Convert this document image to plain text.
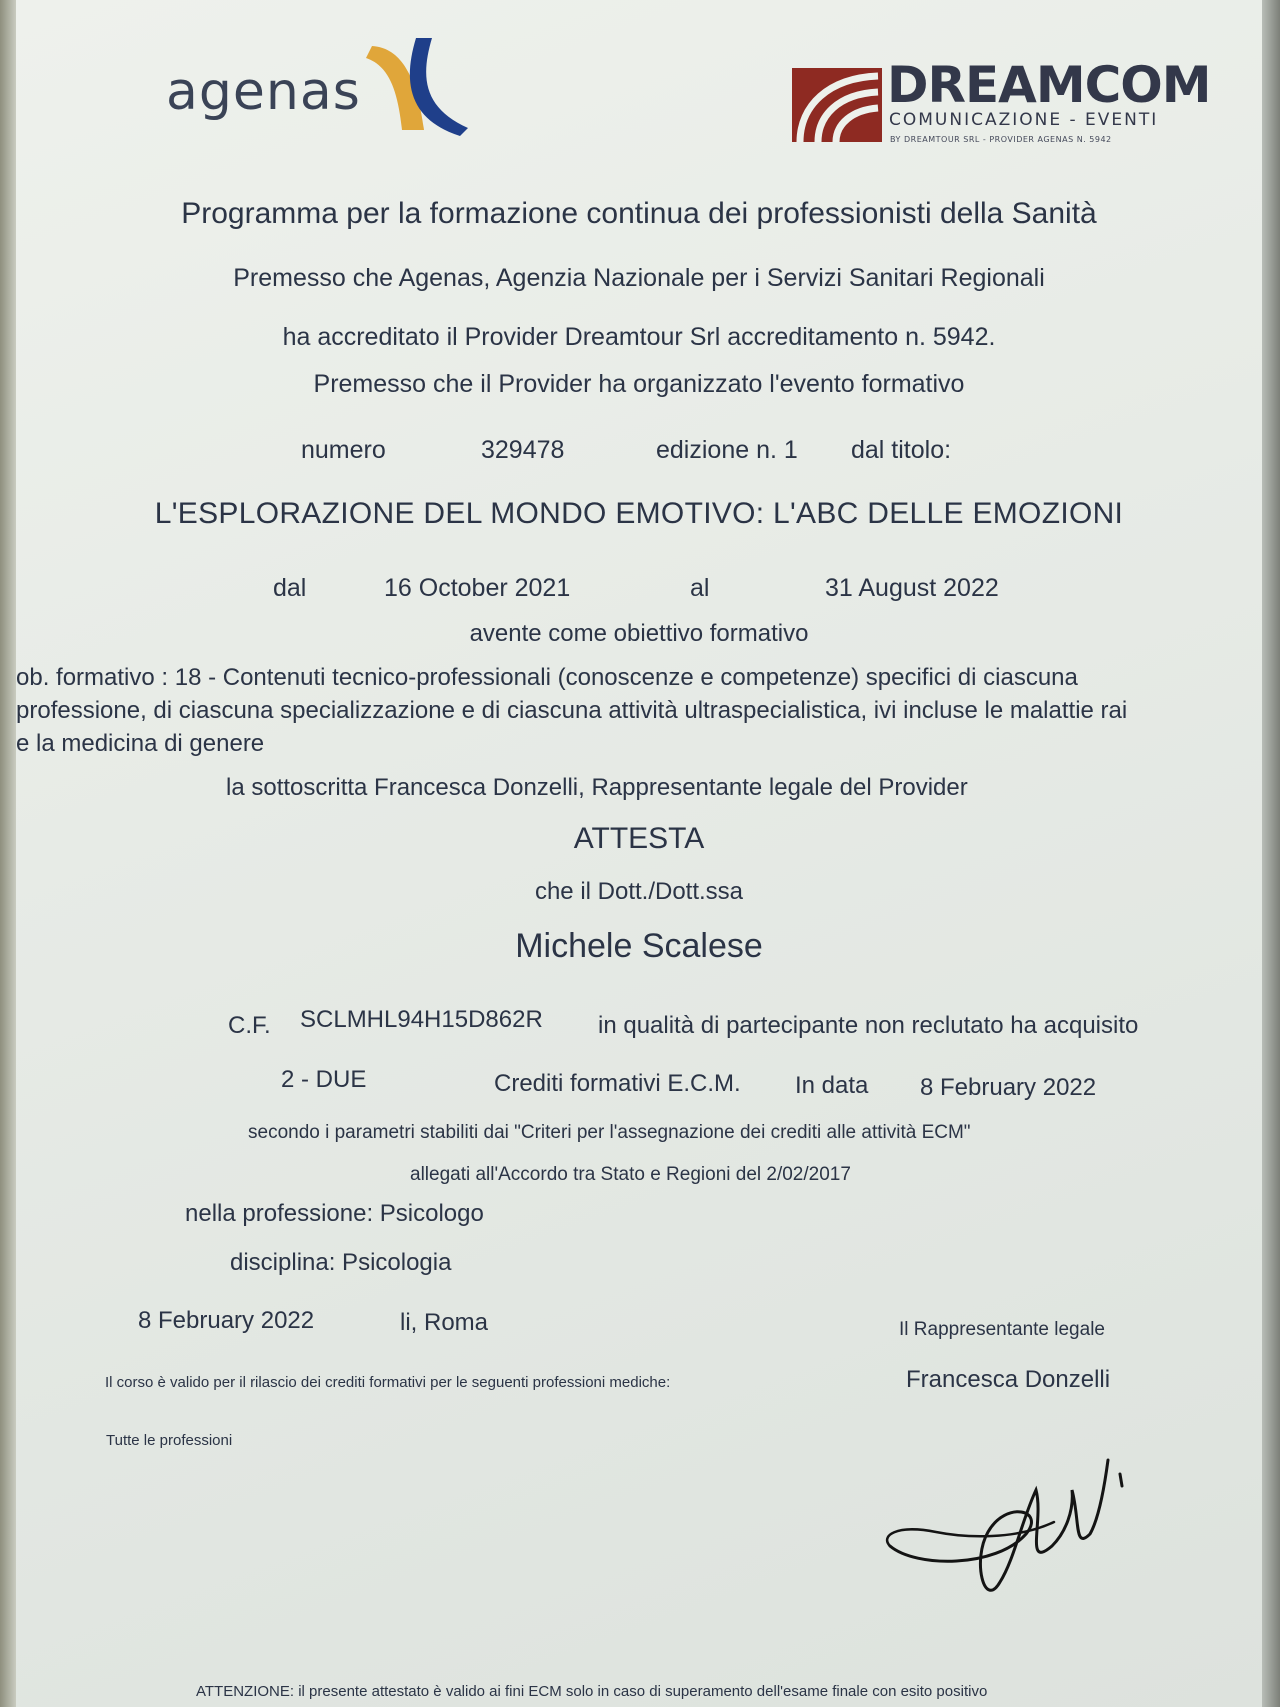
agenas	DREAMCOM
COMUNICAZIONE - EVENTI
BY DREAMTOUR SRL - PROVIDER AGENAS N. 5942
Programma per la formazione continua dei professionisti della Sanità
Premesso che Agenas, Agenzia Nazionale per i Servizi Sanitari Regionali
ha accreditato il Provider Dreamtour Srl accreditamento n. 5942.
Premesso che il Provider ha organizzato l'evento formativo
numero	329478	edizione n. 1 dal titolo:
L'ESPLORAZIONE DEL MONDO EMOTIVO: L'ABC DELLE EMOZIONI
dal	16 October 2021	al	31 August 2022
avente come obiettivo formativo
ob. formativo : 18 - Contenuti tecnico-professionali (conoscenze e competenze) specifici di ciascuna
professione, di ciascuna specializzazione e di ciascuna attività ultraspecialistica, ivi incluse le malattie rai
e la medicina di genere
la sottoscritta Francesca Donzelli, Rappresentante legale del Provider
ATTESTA
che il Dott./Dott.ssa
Michele Scalese
C.F. SCLMHL94H15D862R in qualità di partecipante non reclutato ha acquisito
2 - DUE	Crediti formativi E.C.M. In data 8 February 2022
secondo i parametri stabiliti dai "Criteri per l'assegnazione dei crediti alle attività ECM"
allegati all'Accordo tra Stato e Regioni del 2/02/2017
nella professione: Psicologo
disciplina: Psicologia
8 February 2022	li, Roma	Il Rappresentante legale
Francesca Donzelli
Il corso è valido per il rilascio dei crediti formativi per le seguenti professioni mediche:
Tutte le professioni
ATTENZIONE: il presente attestato è valido ai fini ECM solo in caso di superamento dell'esame finale con esito positivo
